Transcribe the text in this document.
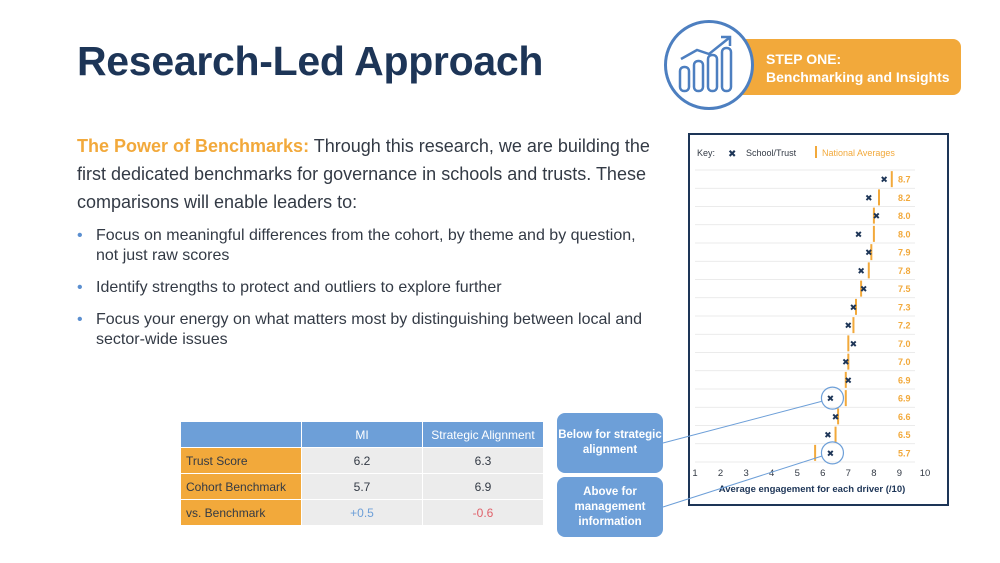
Research-Led Approach	STEP ONE:
Benchmarking and Insights
The Power of Benchmarks: Through this research, we are building the first dedicated benchmarks for governance in schools and trusts. These comparisons will enable leaders to:
• Focus on meaningful differences from the cohort, by theme and by question, not just raw scores
• Identify strengths to protect and outliers to explore further
• Focus your energy on what matters most by distinguishing between local and sector-wide issues
	MI	Strategic Alignment
Trust Score	6.2	6.3
Cohort Benchmark	5.7	6.9
vs. Benchmark	+0.5	-0.6
Below for strategic alignment
Above for management information
Key: ✖ School/Trust	National Averages
✖ 8.7
✖	8.2
✖ 8.0
✖	8.0
✖	7.9
✖	7.8
✖	7.5
✖	7.3
✖	7.2
✖	7.0
✖	7.0
✖	6.9
✖	6.9
✖	6.6
✖	6.5
✖	5.7
1 2 3 4 5 6 7 8 9 10
Average engagement for each driver (/10)
